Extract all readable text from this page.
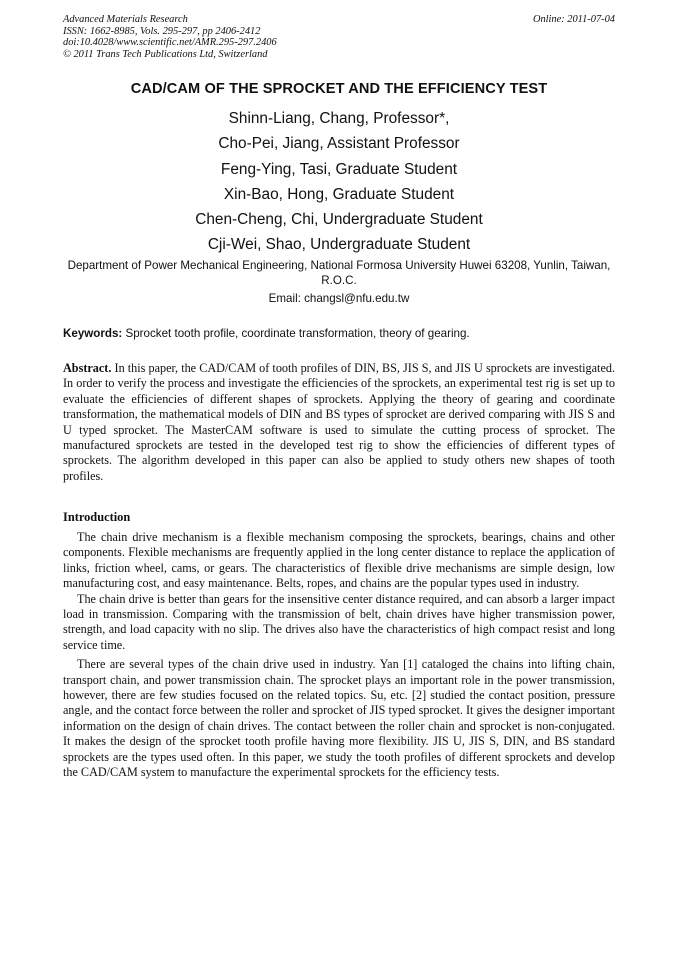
Advanced Materials Research
ISSN: 1662-8985, Vols. 295-297, pp 2406-2412
doi:10.4028/www.scientific.net/AMR.295-297.2406
© 2011 Trans Tech Publications Ltd, Switzerland
Online: 2011-07-04
CAD/CAM OF THE SPROCKET AND THE EFFICIENCY TEST
Shinn-Liang, Chang, Professor*,
Cho-Pei, Jiang, Assistant Professor
Feng-Ying, Tasi, Graduate Student
Xin-Bao, Hong, Graduate Student
Chen-Cheng, Chi, Undergraduate Student
Cji-Wei, Shao, Undergraduate Student
Department of Power Mechanical Engineering, National Formosa University Huwei 63208, Yunlin, Taiwan, R.O.C.
Email: changsl@nfu.edu.tw
Keywords: Sprocket tooth profile, coordinate transformation, theory of gearing.
Abstract. In this paper, the CAD/CAM of tooth profiles of DIN, BS, JIS S, and JIS U sprockets are investigated. In order to verify the process and investigate the efficiencies of the sprockets, an experimental test rig is set up to evaluate the efficiencies of different shapes of sprockets. Applying the theory of gearing and coordinate transformation, the mathematical models of DIN and BS types of sprocket are derived comparing with JIS S and U typed sprocket. The MasterCAM software is used to simulate the cutting process of sprocket. The manufactured sprockets are tested in the developed test rig to show the efficiencies of different types of sprockets. The algorithm developed in this paper can also be applied to study others new shapes of tooth profiles.
Introduction

The chain drive mechanism is a flexible mechanism composing the sprockets, bearings, chains and other components. Flexible mechanisms are frequently applied in the long center distance to replace the application of links, friction wheel, cams, or gears. The characteristics of flexible drive mechanisms are simple design, low manufacturing cost, and easy maintenance. Belts, ropes, and chains are the popular types used in industry.

The chain drive is better than gears for the insensitive center distance required, and can absorb a larger impact load in transmission. Comparing with the transmission of belt, chain drives have higher transmission power, strength, and load capacity with no slip. The drives also have the characteristics of high compact resist and long service time.

There are several types of the chain drive used in industry. Yan [1] cataloged the chains into lifting chain, transport chain, and power transmission chain. The sprocket plays an important role in the power transmission, however, there are few studies focused on the related topics. Su, etc. [2] studied the contact position, pressure angle, and the contact force between the roller and sprocket of JIS typed sprocket. It gives the designer important information on the design of chain drives. The contact between the roller chain and sprocket is non-conjugated. It makes the design of the sprocket tooth profile having more flexibility. JIS U, JIS S, DIN, and BS standard sprockets are the types used often. In this paper, we study the tooth profiles of different sprockets and develop the CAD/CAM system to manufacture the experimental sprockets for the efficiency tests.
